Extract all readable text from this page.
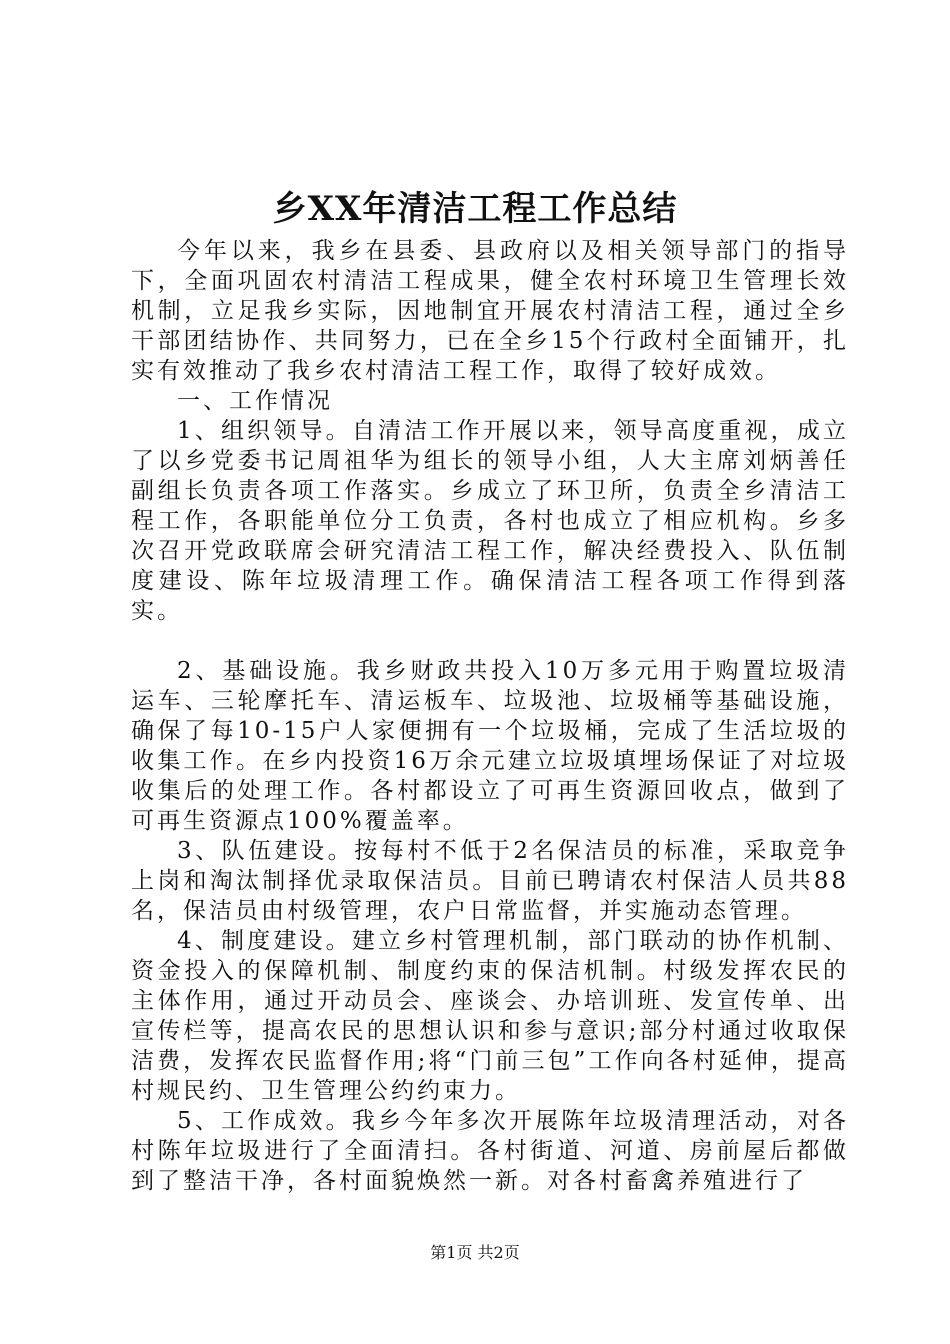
乡XX年清洁工程工作总结

今年以来，我乡在县委、县政府以及相关领导部门的指导下，全面巩固农村清洁工程成果，健全农村环境卫生管理长效机制，立足我乡实际，因地制宜开展农村清洁工程，通过全乡干部团结协作、共同努力，已在全乡15个行政村全面铺开，扎实有效推动了我乡农村清洁工程工作，取得了较好成效。

一、工作情况

1、组织领导。自清洁工作开展以来，领导高度重视，成立了以乡党委书记周祖华为组长的领导小组，人大主席刘炳善任副组长负责各项工作落实。乡成立了环卫所，负责全乡清洁工程工作，各职能单位分工负责，各村也成立了相应机构。乡多次召开党政联席会研究清洁工程工作，解决经费投入、队伍制度建设、陈年垃圾清理工作。确保清洁工程各项工作得到落实。

2、基础设施。我乡财政共投入10万多元用于购置垃圾清运车、三轮摩托车、清运板车、垃圾池、垃圾桶等基础设施，确保了每10-15户人家便拥有一个垃圾桶，完成了生活垃圾的收集工作。在乡内投资16万余元建立垃圾填埋场保证了对垃圾收集后的处理工作。各村都设立了可再生资源回收点，做到了可再生资源点100%覆盖率。

3、队伍建设。按每村不低于2名保洁员的标准，采取竞争上岗和淘汰制择优录取保洁员。目前已聘请农村保洁人员共88名，保洁员由村级管理，农户日常监督，并实施动态管理。

4、制度建设。建立乡村管理机制，部门联动的协作机制、资金投入的保障机制、制度约束的保洁机制。村级发挥农民的主体作用，通过开动员会、座谈会、办培训班、发宣传单、出宣传栏等，提高农民的思想认识和参与意识;部分村通过收取保洁费，发挥农民监督作用;将“门前三包”工作向各村延伸，提高村规民约、卫生管理公约约束力。

5、工作成效。我乡今年多次开展陈年垃圾清理活动，对各村陈年垃圾进行了全面清扫。各村街道、河道、房前屋后都做到了整洁干净，各村面貌焕然一新。对各村畜禽养殖进行了

第1页 共2页
